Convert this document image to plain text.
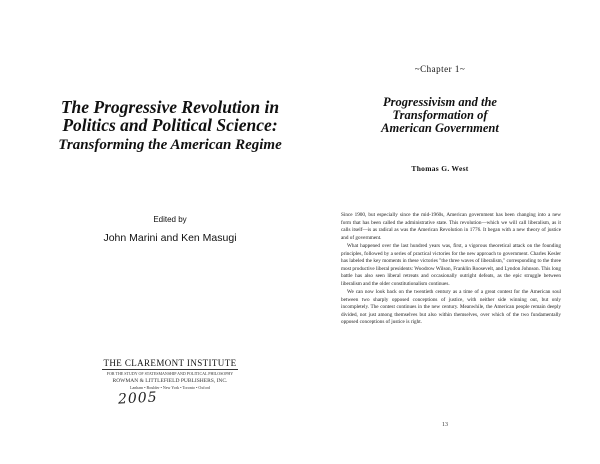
The Progressive Revolution in Politics and Political Science:
Transforming the American Regime
Edited by
John Marini and Ken Masugi
THE CLAREMONT INSTITUTE
FOR THE STUDY OF STATESMANSHIP AND POLITICAL PHILOSOPHY
ROWMAN & LITTLEFIELD PUBLISHERS, INC.
Lanham • Boulder • New York • Toronto • Oxford
2005
~Chapter 1~
Progressivism and the Transformation of American Government
Thomas G. West

Since 1900, but especially since the mid-1960s, American government has been changing into a new form that has been called the administrative state. This revolution—which we will call liberalism, as it calls itself—is as radical as was the American Revolution in 1776. It began with a new theory of justice and of government.

What happened over the last hundred years was, first, a vigorous theoretical attack on the founding principles, followed by a series of practical victories for the new approach to government. Charles Kesler has labeled the key moments in these victories "the three waves of liberalism," corresponding to the three most productive liberal presidents: Woodrow Wilson, Franklin Roosevelt, and Lyndon Johnson. This long battle has also seen liberal retreats and occasionally outright defeats, as the epic struggle between liberalism and the older constitutionalism continues.

We can now look back on the twentieth century as a time of a great contest for the American soul between two sharply opposed conceptions of justice, with neither side winning out, but only incompletely. The contest continues in the new century. Meanwhile, the American people remain deeply divided, not just among themselves but also within themselves, over which of the two fundamentally opposed conceptions of justice is right.

13
